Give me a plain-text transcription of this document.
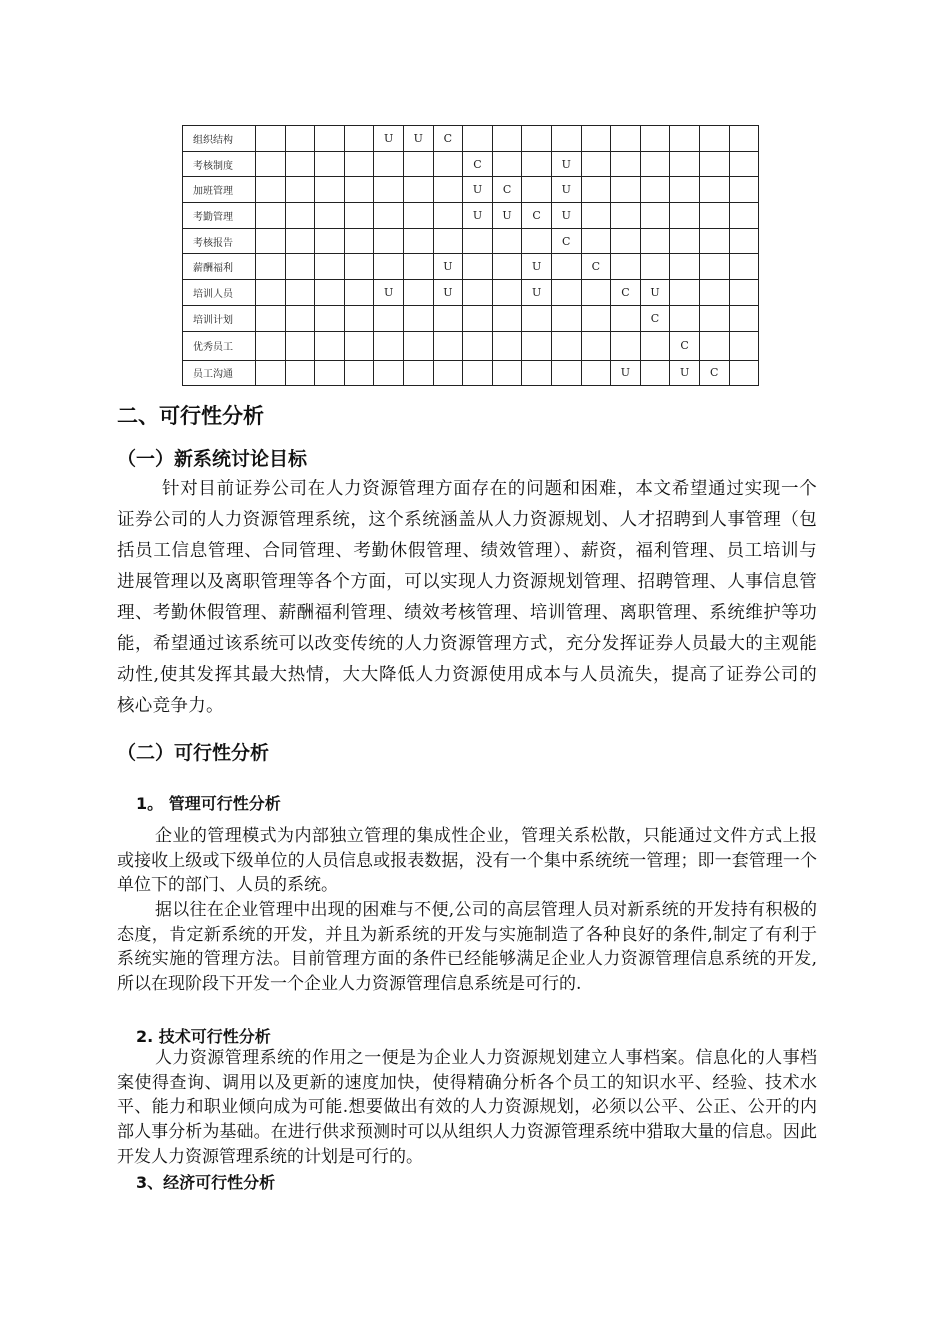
组织结构					U	U	C										
考核制度								C			U						
加班管理								U	C		U						
考勤管理								U	U	C	U						
考核报告											C						
薪酬福利							U			U		C					
培训人员					U		U			U			C	U			
培训计划														C			
优秀员工															C		
员工沟通													U		U	C	
二、可行性分析
（一）新系统讨论目标
针对目前证券公司在人力资源管理方面存在的问题和困难，本文希望通过实现一个证券公司的人力资源管理系统，这个系统涵盖从人力资源规划、人才招聘到人事管理（包括员工信息管理、合同管理、考勤休假管理、绩效管理）、薪资，福利管理、员工培训与进展管理以及离职管理等各个方面，可以实现人力资源规划管理、招聘管理、人事信息管理、考勤休假管理、薪酬福利管理、绩效考核管理、培训管理、离职管理、系统维护等功能，希望通过该系统可以改变传统的人力资源管理方式，充分发挥证券人员最大的主观能动性,使其发挥其最大热情，大大降低人力资源使用成本与人员流失，提高了证券公司的核心竞争力。
（二）可行性分析
1。 管理可行性分析
企业的管理模式为内部独立管理的集成性企业，管理关系松散，只能通过文件方式上报或接收上级或下级单位的人员信息或报表数据，没有一个集中系统统一管理；即一套管理一个单位下的部门、人员的系统。
据以往在企业管理中出现的困难与不便,公司的高层管理人员对新系统的开发持有积极的态度，肯定新系统的开发，并且为新系统的开发与实施制造了各种良好的条件,制定了有利于系统实施的管理方法。目前管理方面的条件已经能够满足企业人力资源管理信息系统的开发,所以在现阶段下开发一个企业人力资源管理信息系统是可行的.
2. 技术可行性分析
人力资源管理系统的作用之一便是为企业人力资源规划建立人事档案。信息化的人事档案使得查询、调用以及更新的速度加快，使得精确分析各个员工的知识水平、经验、技术水平、能力和职业倾向成为可能.想要做出有效的人力资源规划，必须以公平、公正、公开的内部人事分析为基础。在进行供求预测时可以从组织人力资源管理系统中猎取大量的信息。因此开发人力资源管理系统的计划是可行的。
3、经济可行性分析
